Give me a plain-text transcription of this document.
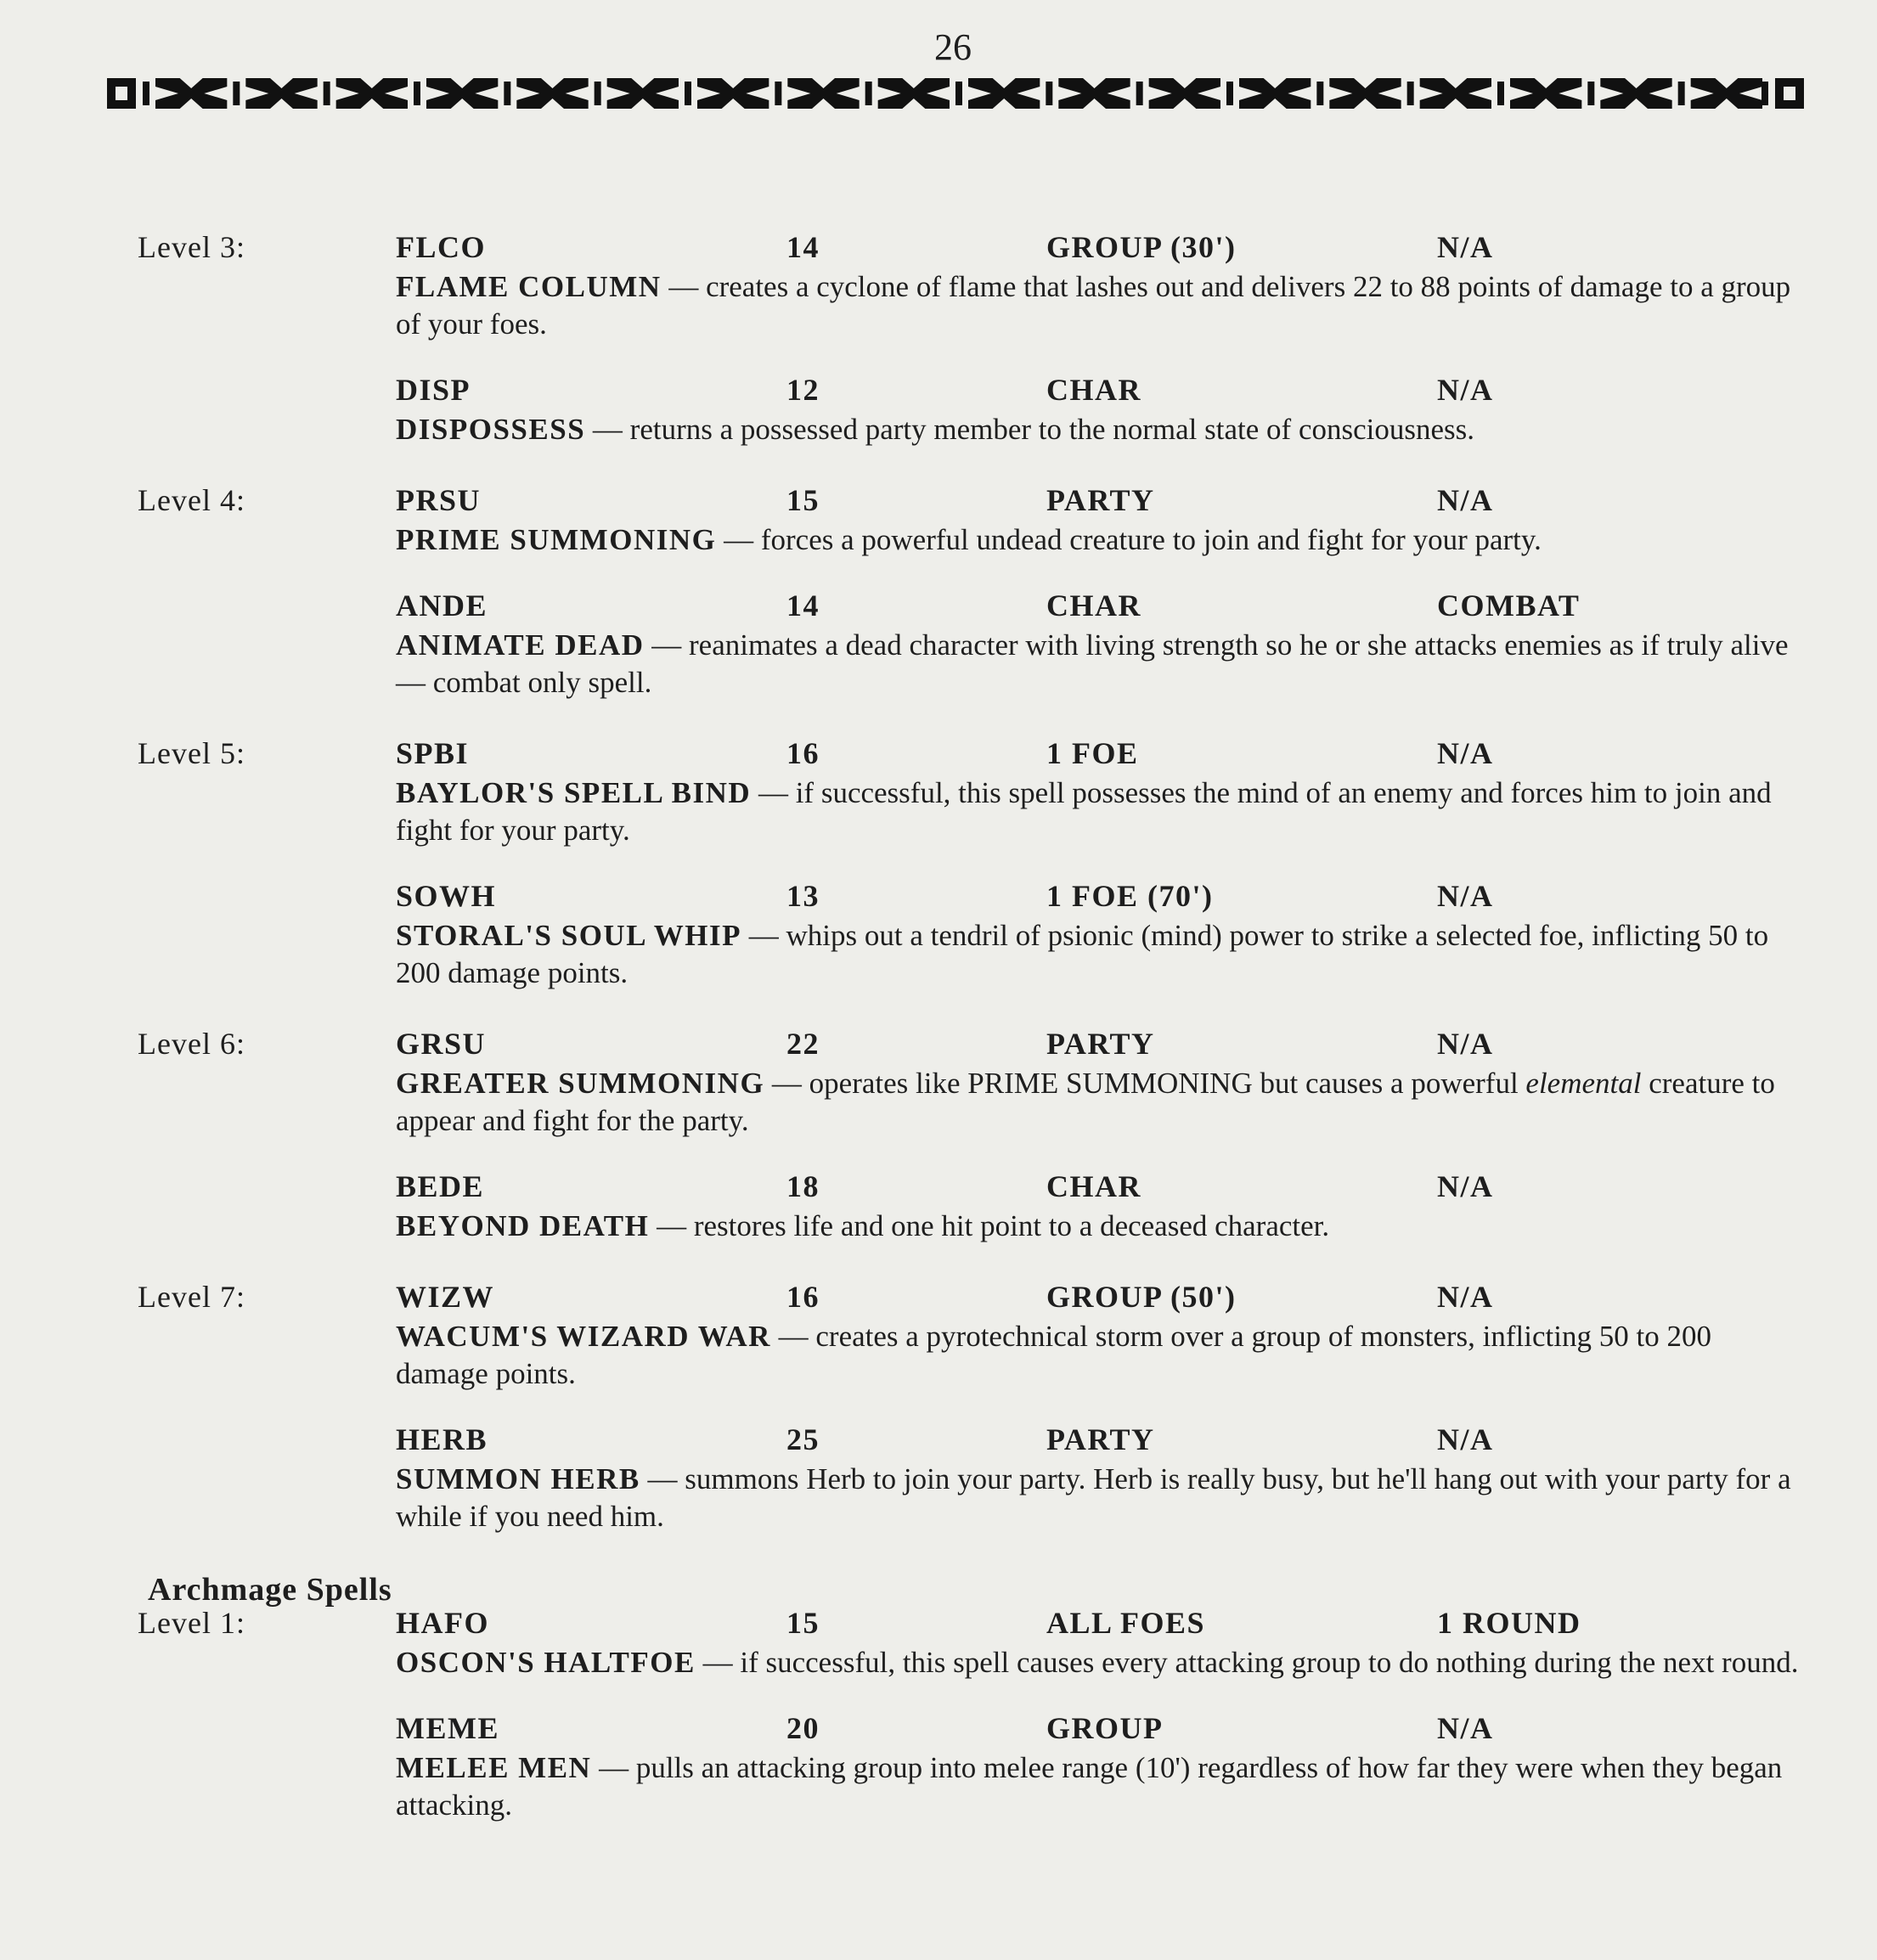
26
Level 3:	FLCO	14	GROUP (30')	N/A
FLAME COLUMN — creates a cyclone of flame that lashes out and delivers 22 to 88 points of damage to a group of your foes.
DISP	12	CHAR	N/A
DISPOSSESS — returns a possessed party member to the normal state of consciousness.
Level 4:	PRSU	15	PARTY	N/A
PRIME SUMMONING — forces a powerful undead creature to join and fight for your party.
ANDE	14	CHAR	COMBAT
ANIMATE DEAD — reanimates a dead character with living strength so he or she attacks enemies as if truly alive — combat only spell.
Level 5:	SPBI	16	1 FOE	N/A
BAYLOR'S SPELL BIND — if successful, this spell possesses the mind of an enemy and forces him to join and fight for your party.
SOWH	13	1 FOE (70')	N/A
STORAL'S SOUL WHIP — whips out a tendril of psionic (mind) power to strike a selected foe, inflicting 50 to 200 damage points.
Level 6:	GRSU	22	PARTY	N/A
GREATER SUMMONING — operates like PRIME SUMMONING but causes a powerful elemental creature to appear and fight for the party.
BEDE	18	CHAR	N/A
BEYOND DEATH — restores life and one hit point to a deceased character.
Level 7:	WIZW	16	GROUP (50')	N/A
WACUM'S WIZARD WAR — creates a pyrotechnical storm over a group of monsters, inflicting 50 to 200 damage points.
HERB	25	PARTY	N/A
SUMMON HERB — summons Herb to join your party. Herb is really busy, but he'll hang out with your party for a while if you need him.
Archmage Spells
Level 1:	HAFO	15	ALL FOES	1 ROUND
OSCON'S HALTFOE — if successful, this spell causes every attacking group to do nothing during the next round.
MEME	20	GROUP	N/A
MELEE MEN — pulls an attacking group into melee range (10') regardless of how far they were when they began attacking.
